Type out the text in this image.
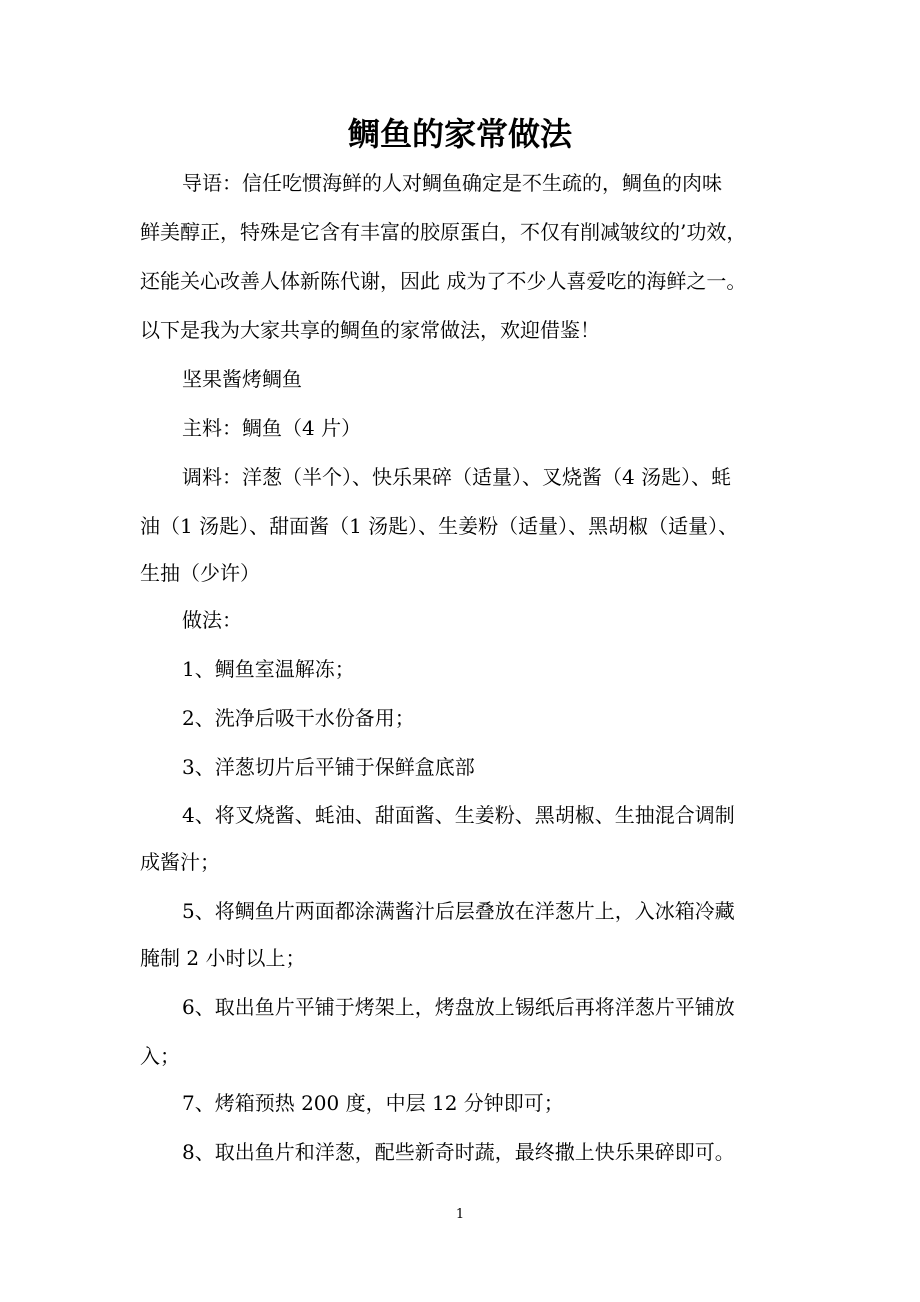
鲷鱼的家常做法
导语：信任吃惯海鲜的人对鲷鱼确定是不生疏的，鲷鱼的肉味
鲜美醇正，特殊是它含有丰富的胶原蛋白，不仅有削减皱纹的’功效，
还能关心改善人体新陈代谢，因此 成为了不少人喜爱吃的海鲜之一。
以下是我为大家共享的鲷鱼的家常做法，欢迎借鉴！
坚果酱烤鲷鱼
主料：鲷鱼（4 片）
调料：洋葱（半个）、快乐果碎（适量）、叉烧酱（4 汤匙）、蚝
油（1 汤匙）、甜面酱（1 汤匙）、生姜粉（适量）、黑胡椒（适量）、
生抽（少许）
做法：
1、鲷鱼室温解冻；
2、洗净后吸干水份备用；
3、洋葱切片后平铺于保鲜盒底部
4、将叉烧酱、蚝油、甜面酱、生姜粉、黑胡椒、生抽混合调制
成酱汁；
5、将鲷鱼片两面都涂满酱汁后层叠放在洋葱片上，入冰箱冷藏
腌制 2 小时以上；
6、取出鱼片平铺于烤架上，烤盘放上锡纸后再将洋葱片平铺放
入；
7、烤箱预热 200 度，中层 12 分钟即可；
8、取出鱼片和洋葱，配些新奇时蔬，最终撒上快乐果碎即可。
1
